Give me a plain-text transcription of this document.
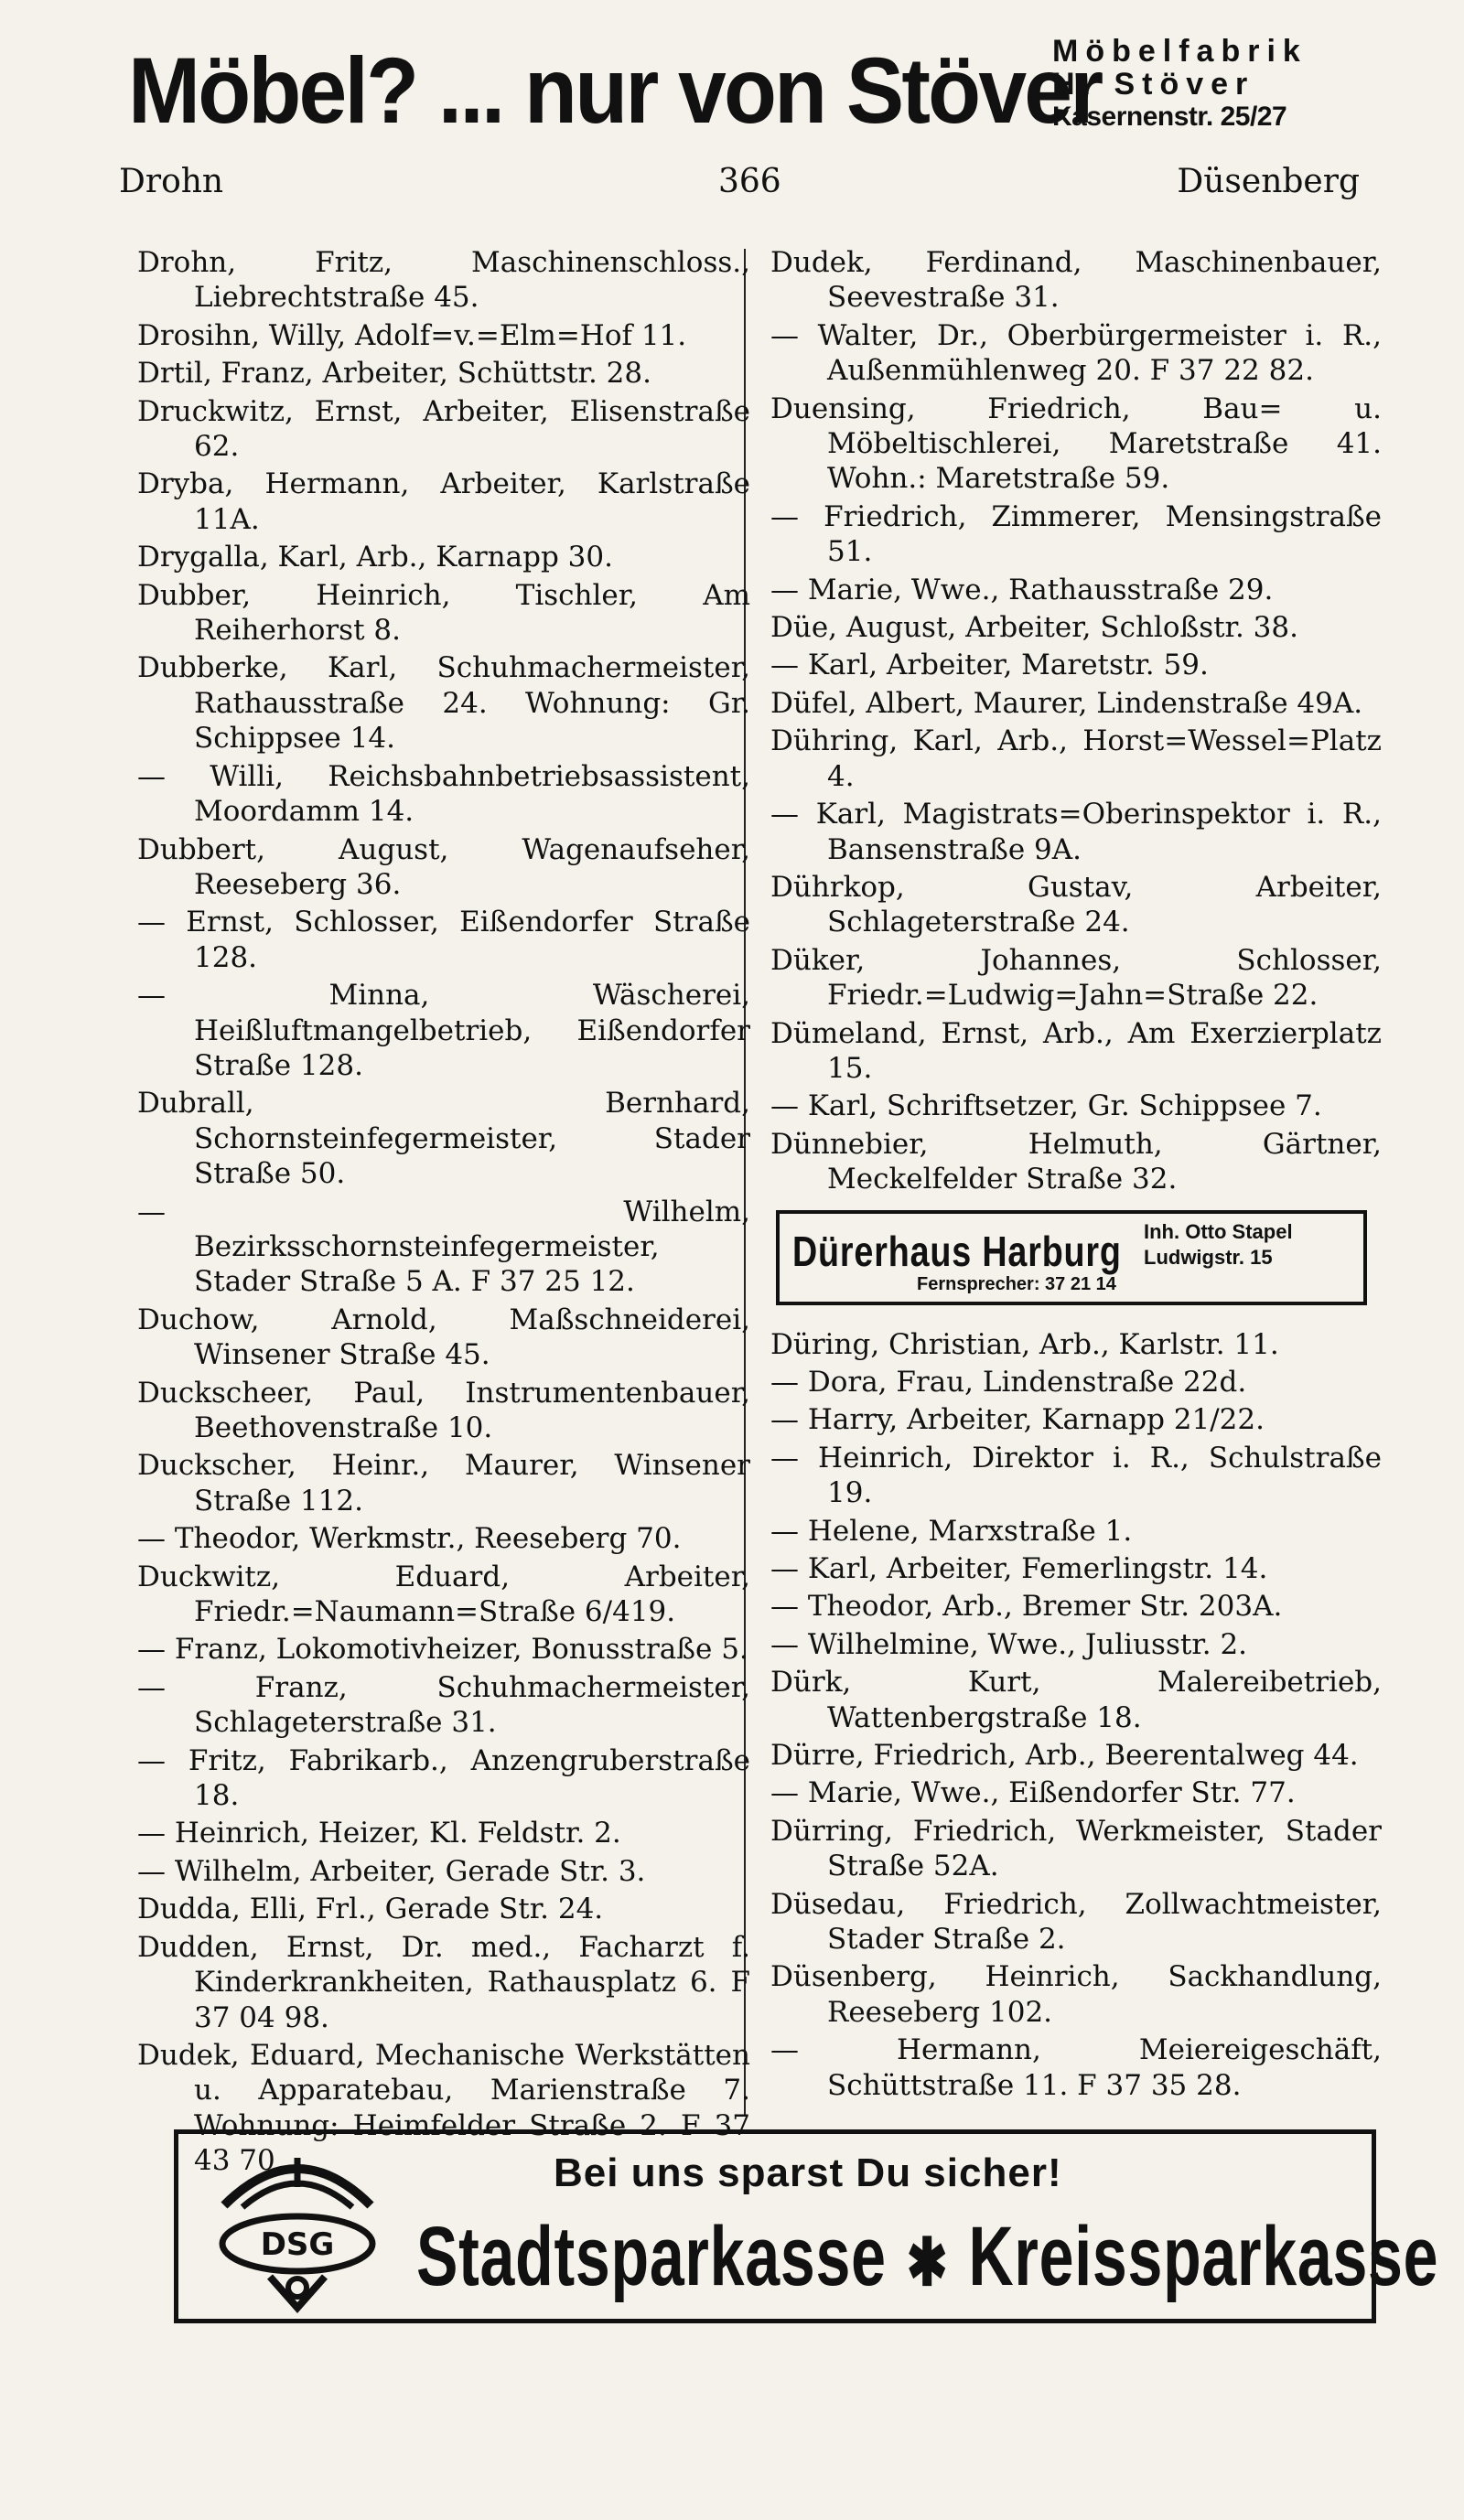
Möbel? ... nur von Stöver
Möbelfabrik
H. Stöver
Kasernenstr. 25/27
Drohn	366	Düsenberg

Drohn, Fritz, Maschinenschloss., Liebrechtstraße 45.

Drosihn, Willy, Adolf=v.=Elm=Hof 11.

Drtil, Franz, Arbeiter, Schüttstr. 28.

Druckwitz, Ernst, Arbeiter, Elisenstraße 62.

Dryba, Hermann, Arbeiter, Karlstraße 11A.

Drygalla, Karl, Arb., Karnapp 30.

Dubber, Heinrich, Tischler, Am Reiherhorst 8.

Dubberke, Karl, Schuhmachermeister, Rathausstraße 24. Wohnung: Gr. Schippsee 14.

— Willi, Reichsbahnbetriebsassistent, Moordamm 14.

Dubbert, August, Wagenaufseher, Reeseberg 36.

— Ernst, Schlosser, Eißendorfer Straße 128.

— Minna, Wäscherei, Heißluftmangelbetrieb, Eißendorfer Straße 128.

Dubrall, Bernhard, Schornsteinfegermeister, Stader Straße 50.

— Wilhelm, Bezirksschornsteinfegermeister, Stader Straße 5 A. F 37 25 12.

Duchow, Arnold, Maßschneiderei, Winsener Straße 45.

Duckscheer, Paul, Instrumentenbauer, Beethovenstraße 10.

Duckscher, Heinr., Maurer, Winsener Straße 112.

— Theodor, Werkmstr., Reeseberg 70.

Duckwitz, Eduard, Arbeiter, Friedr.=Naumann=Straße 6/419.

— Franz, Lokomotivheizer, Bonusstraße 5.

— Franz, Schuhmachermeister, Schlageterstraße 31.

— Fritz, Fabrikarb., Anzengruberstraße 18.

— Heinrich, Heizer, Kl. Feldstr. 2.

— Wilhelm, Arbeiter, Gerade Str. 3.

Dudda, Elli, Frl., Gerade Str. 24.

Dudden, Ernst, Dr. med., Facharzt f. Kinderkrankheiten, Rathausplatz 6. F 37 04 98.

Dudek, Eduard, Mechanische Werkstätten u. Apparatebau, Marienstraße 7. Wohnung: Heimfelder Straße 2. F 37 43 70.

Dudek, Ferdinand, Maschinenbauer, Seevestraße 31.

— Walter, Dr., Oberbürgermeister i. R., Außenmühlenweg 20. F 37 22 82.

Duensing, Friedrich, Bau= u. Möbeltischlerei, Maretstraße 41. Wohn.: Maretstraße 59.

— Friedrich, Zimmerer, Mensingstraße 51.

— Marie, Wwe., Rathausstraße 29.

Düe, August, Arbeiter, Schloßstr. 38.

— Karl, Arbeiter, Maretstr. 59.

Düfel, Albert, Maurer, Lindenstraße 49A.

Dühring, Karl, Arb., Horst=Wessel=Platz 4.

— Karl, Magistrats=Oberinspektor i. R., Bansenstraße 9A.

Dührkop, Gustav, Arbeiter, Schlageterstraße 24.

Düker, Johannes, Schlosser, Friedr.=Ludwig=Jahn=Straße 22.

Dümeland, Ernst, Arb., Am Exerzierplatz 15.

— Karl, Schriftsetzer, Gr. Schippsee 7.

Dünnebier, Helmuth, Gärtner, Meckelfelder Straße 32.

Dürerhaus Harburg Inh. Otto Stapel
Ludwigstr. 15
Fernsprecher: 37 21 14

Düring, Christian, Arb., Karlstr. 11.

— Dora, Frau, Lindenstraße 22d.

— Harry, Arbeiter, Karnapp 21/22.

— Heinrich, Direktor i. R., Schulstraße 19.

— Helene, Marxstraße 1.

— Karl, Arbeiter, Femerlingstr. 14.

— Theodor, Arb., Bremer Str. 203A.

— Wilhelmine, Wwe., Juliusstr. 2.

Dürk, Kurt, Malereibetrieb, Wattenbergstraße 18.

Dürre, Friedrich, Arb., Beerentalweg 44.

— Marie, Wwe., Eißendorfer Str. 77.

Dürring, Friedrich, Werkmeister, Stader Straße 52A.

Düsedau, Friedrich, Zollwachtmeister, Stader Straße 2.

Düsenberg, Heinrich, Sackhandlung, Reeseberg 102.

— Hermann, Meiereigeschäft, Schüttstraße 11. F 37 35 28.

DSG
Bei uns sparst Du sicher!
Stadtsparkasse ✱ Kreissparkasse
